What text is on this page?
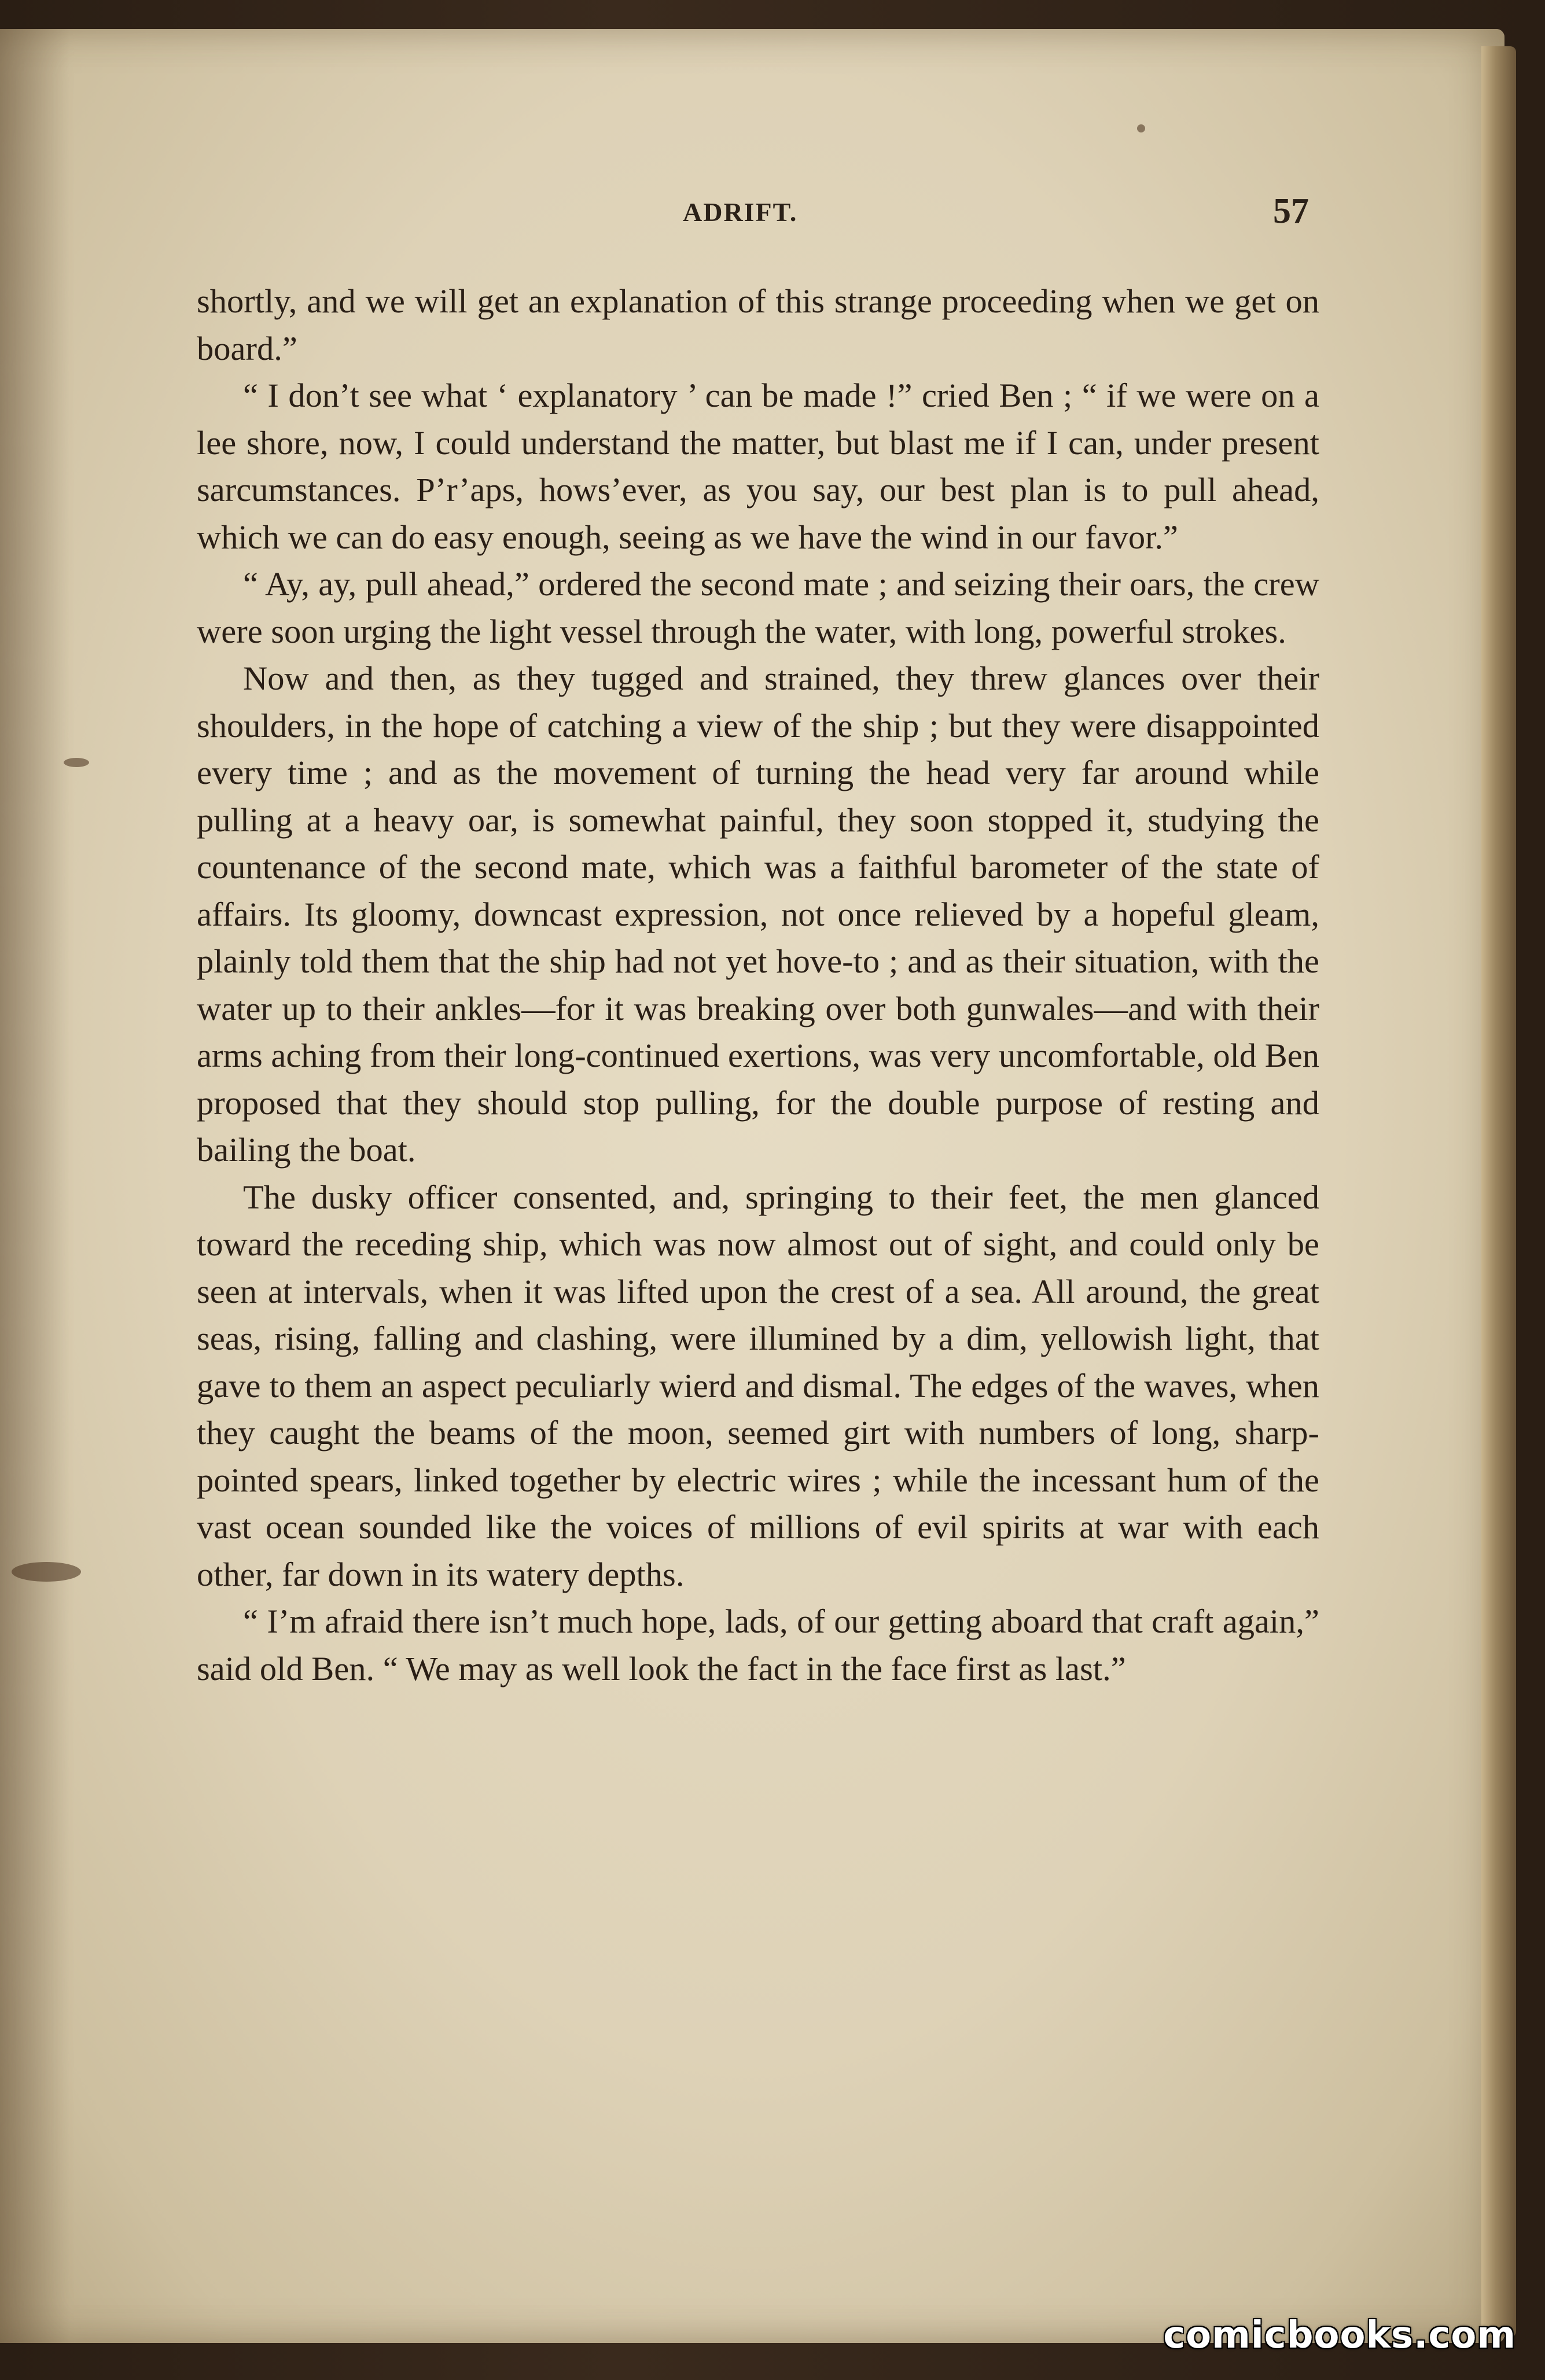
ADRIFT.	57

shortly, and we will get an explanation of this strange proceeding when we get on board.”

“ I don’t see what ‘ explanatory ’ can be made !” cried Ben ; “ if we were on a lee shore, now, I could understand the matter, but blast me if I can, under present sarcumstances. P’r’aps, hows’ever, as you say, our best plan is to pull ahead, which we can do easy enough, seeing as we have the wind in our favor.”

“ Ay, ay, pull ahead,” ordered the second mate ; and seizing their oars, the crew were soon urging the light vessel through the water, with long, powerful strokes.

Now and then, as they tugged and strained, they threw glances over their shoulders, in the hope of catching a view of the ship ; but they were disappointed every time ; and as the movement of turning the head very far around while pulling at a heavy oar, is somewhat painful, they soon stopped it, studying the countenance of the second mate, which was a faithful barometer of the state of affairs. Its gloomy, downcast expression, not once relieved by a hopeful gleam, plainly told them that the ship had not yet hove-to ; and as their situation, with the water up to their ankles—for it was breaking over both gunwales—and with their arms aching from their long-continued exertions, was very uncomfortable, old Ben proposed that they should stop pulling, for the double purpose of resting and bailing the boat.

The dusky officer consented, and, springing to their feet, the men glanced toward the receding ship, which was now almost out of sight, and could only be seen at intervals, when it was lifted upon the crest of a sea. All around, the great seas, rising, falling and clashing, were illumined by a dim, yellowish light, that gave to them an aspect peculiarly wierd and dismal. The edges of the waves, when they caught the beams of the moon, seemed girt with numbers of long, sharp-pointed spears, linked together by electric wires ; while the incessant hum of the vast ocean sounded like the voices of millions of evil spirits at war with each other, far down in its watery depths.

“ I’m afraid there isn’t much hope, lads, of our getting aboard that craft again,” said old Ben. “ We may as well look the fact in the face first as last.”

comicbooks.com
